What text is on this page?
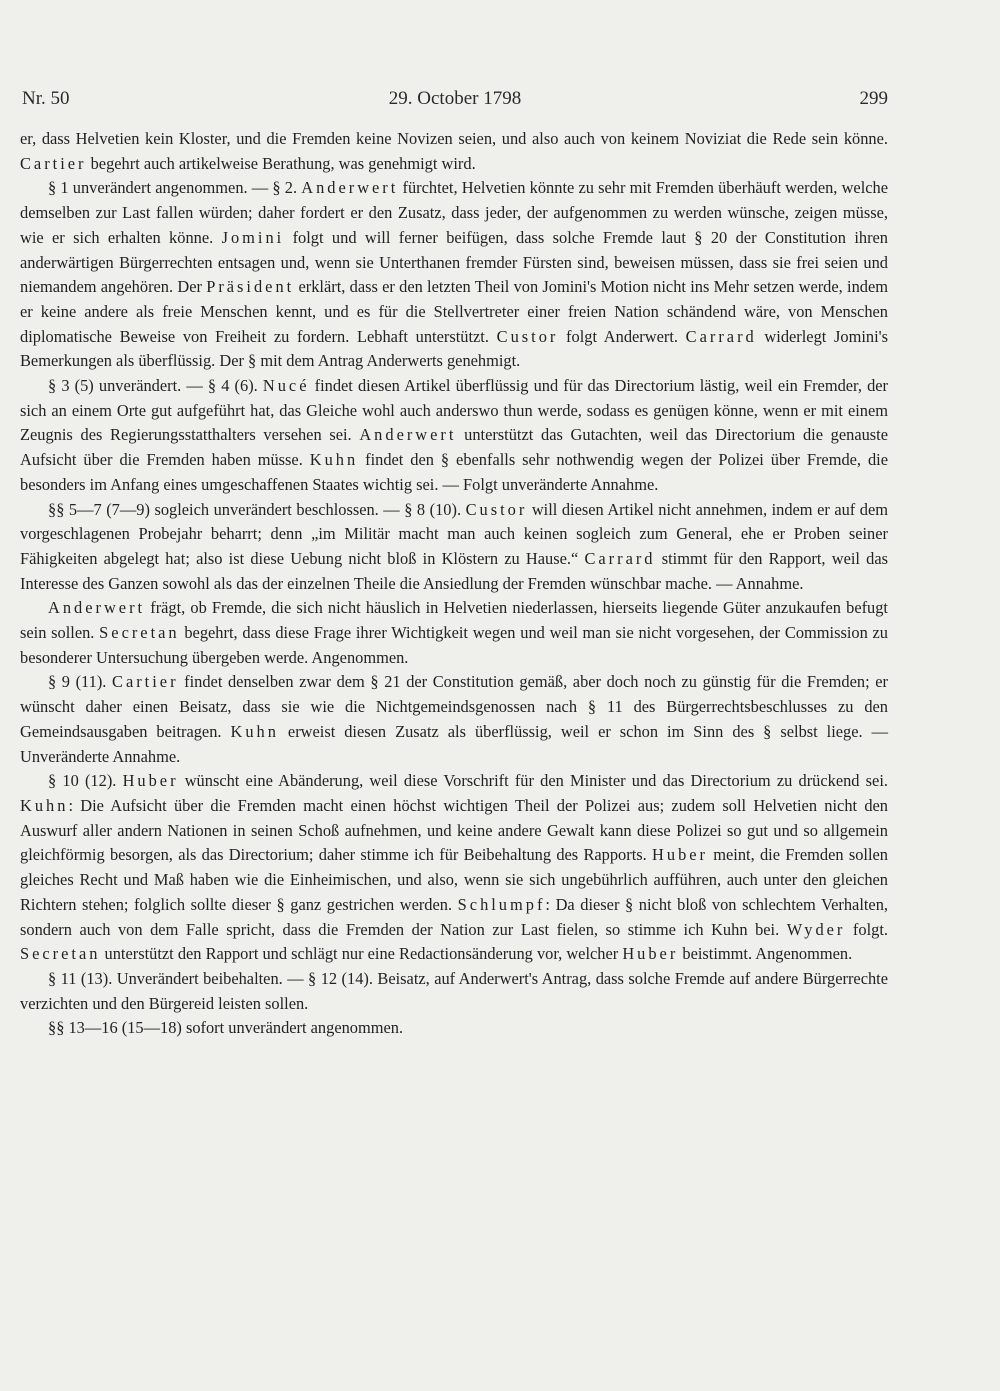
Nr. 50	29. October 1798	299

er, dass Helvetien kein Kloster, und die Fremden keine Novizen seien, und also auch von keinem Noviziat die Rede sein könne. Cartier begehrt auch artikelweise Berathung, was genehmigt wird.

§ 1 unverändert angenommen. — § 2. Anderwert fürchtet, Helvetien könnte zu sehr mit Fremden überhäuft werden, welche demselben zur Last fallen würden; daher fordert er den Zusatz, dass jeder, der aufgenommen zu werden wünsche, zeigen müsse, wie er sich erhalten könne. Jomini folgt und will ferner beifügen, dass solche Fremde laut § 20 der Constitution ihren anderwärtigen Bürgerrechten entsagen und, wenn sie Unterthanen fremder Fürsten sind, beweisen müssen, dass sie frei seien und niemandem angehören. Der Präsident erklärt, dass er den letzten Theil von Jomini's Motion nicht ins Mehr setzen werde, indem er keine andere als freie Menschen kennt, und es für die Stellvertreter einer freien Nation schändend wäre, von Menschen diplomatische Beweise von Freiheit zu fordern. Lebhaft unterstützt. Custor folgt Anderwert. Carrard widerlegt Jomini's Bemerkungen als überflüssig. Der § mit dem Antrag Anderwerts genehmigt.

§ 3 (5) unverändert. — § 4 (6). Nucé findet diesen Artikel überflüssig und für das Directorium lästig, weil ein Fremder, der sich an einem Orte gut aufgeführt hat, das Gleiche wohl auch anderswo thun werde, sodass es genügen könne, wenn er mit einem Zeugnis des Regierungsstatthalters versehen sei. Anderwert unterstützt das Gutachten, weil das Directorium die genauste Aufsicht über die Fremden haben müsse. Kuhn findet den § ebenfalls sehr nothwendig wegen der Polizei über Fremde, die besonders im Anfang eines umgeschaffenen Staates wichtig sei. — Folgt unveränderte Annahme.

§§ 5—7 (7—9) sogleich unverändert beschlossen. — § 8 (10). Custor will diesen Artikel nicht annehmen, indem er auf dem vorgeschlagenen Probejahr beharrt; denn „im Militär macht man auch keinen sogleich zum General, ehe er Proben seiner Fähigkeiten abgelegt hat; also ist diese Uebung nicht bloß in Klöstern zu Hause.“ Carrard stimmt für den Rapport, weil das Interesse des Ganzen sowohl als das der einzelnen Theile die Ansiedlung der Fremden wünschbar mache. — Annahme.

Anderwert frägt, ob Fremde, die sich nicht häuslich in Helvetien niederlassen, hierseits liegende Güter anzukaufen befugt sein sollen. Secretan begehrt, dass diese Frage ihrer Wichtigkeit wegen und weil man sie nicht vorgesehen, der Commission zu besonderer Untersuchung übergeben werde. Angenommen.

§ 9 (11). Cartier findet denselben zwar dem § 21 der Constitution gemäß, aber doch noch zu günstig für die Fremden; er wünscht daher einen Beisatz, dass sie wie die Nichtgemeindsgenossen nach § 11 des Bürgerrechtsbeschlusses zu den Gemeindsausgaben beitragen. Kuhn erweist diesen Zusatz als überflüssig, weil er schon im Sinn des § selbst liege. — Unveränderte Annahme.

§ 10 (12). Huber wünscht eine Abänderung, weil diese Vorschrift für den Minister und das Directorium zu drückend sei. Kuhn: Die Aufsicht über die Fremden macht einen höchst wichtigen Theil der Polizei aus; zudem soll Helvetien nicht den Auswurf aller andern Nationen in seinen Schoß aufnehmen, und keine andere Gewalt kann diese Polizei so gut und so allgemein gleichförmig besorgen, als das Directorium; daher stimme ich für Beibehaltung des Rapports. Huber meint, die Fremden sollen gleiches Recht und Maß haben wie die Einheimischen, und also, wenn sie sich ungebührlich aufführen, auch unter den gleichen Richtern stehen; folglich sollte dieser § ganz gestrichen werden. Schlumpf: Da dieser § nicht bloß von schlechtem Verhalten, sondern auch von dem Falle spricht, dass die Fremden der Nation zur Last fielen, so stimme ich Kuhn bei. Wyder folgt. Secretan unterstützt den Rapport und schlägt nur eine Redactionsänderung vor, welcher Huber beistimmt. Angenommen.

§ 11 (13). Unverändert beibehalten. — § 12 (14). Beisatz, auf Anderwert's Antrag, dass solche Fremde auf andere Bürgerrechte verzichten und den Bürgereid leisten sollen.

§§ 13—16 (15—18) sofort unverändert angenommen.
